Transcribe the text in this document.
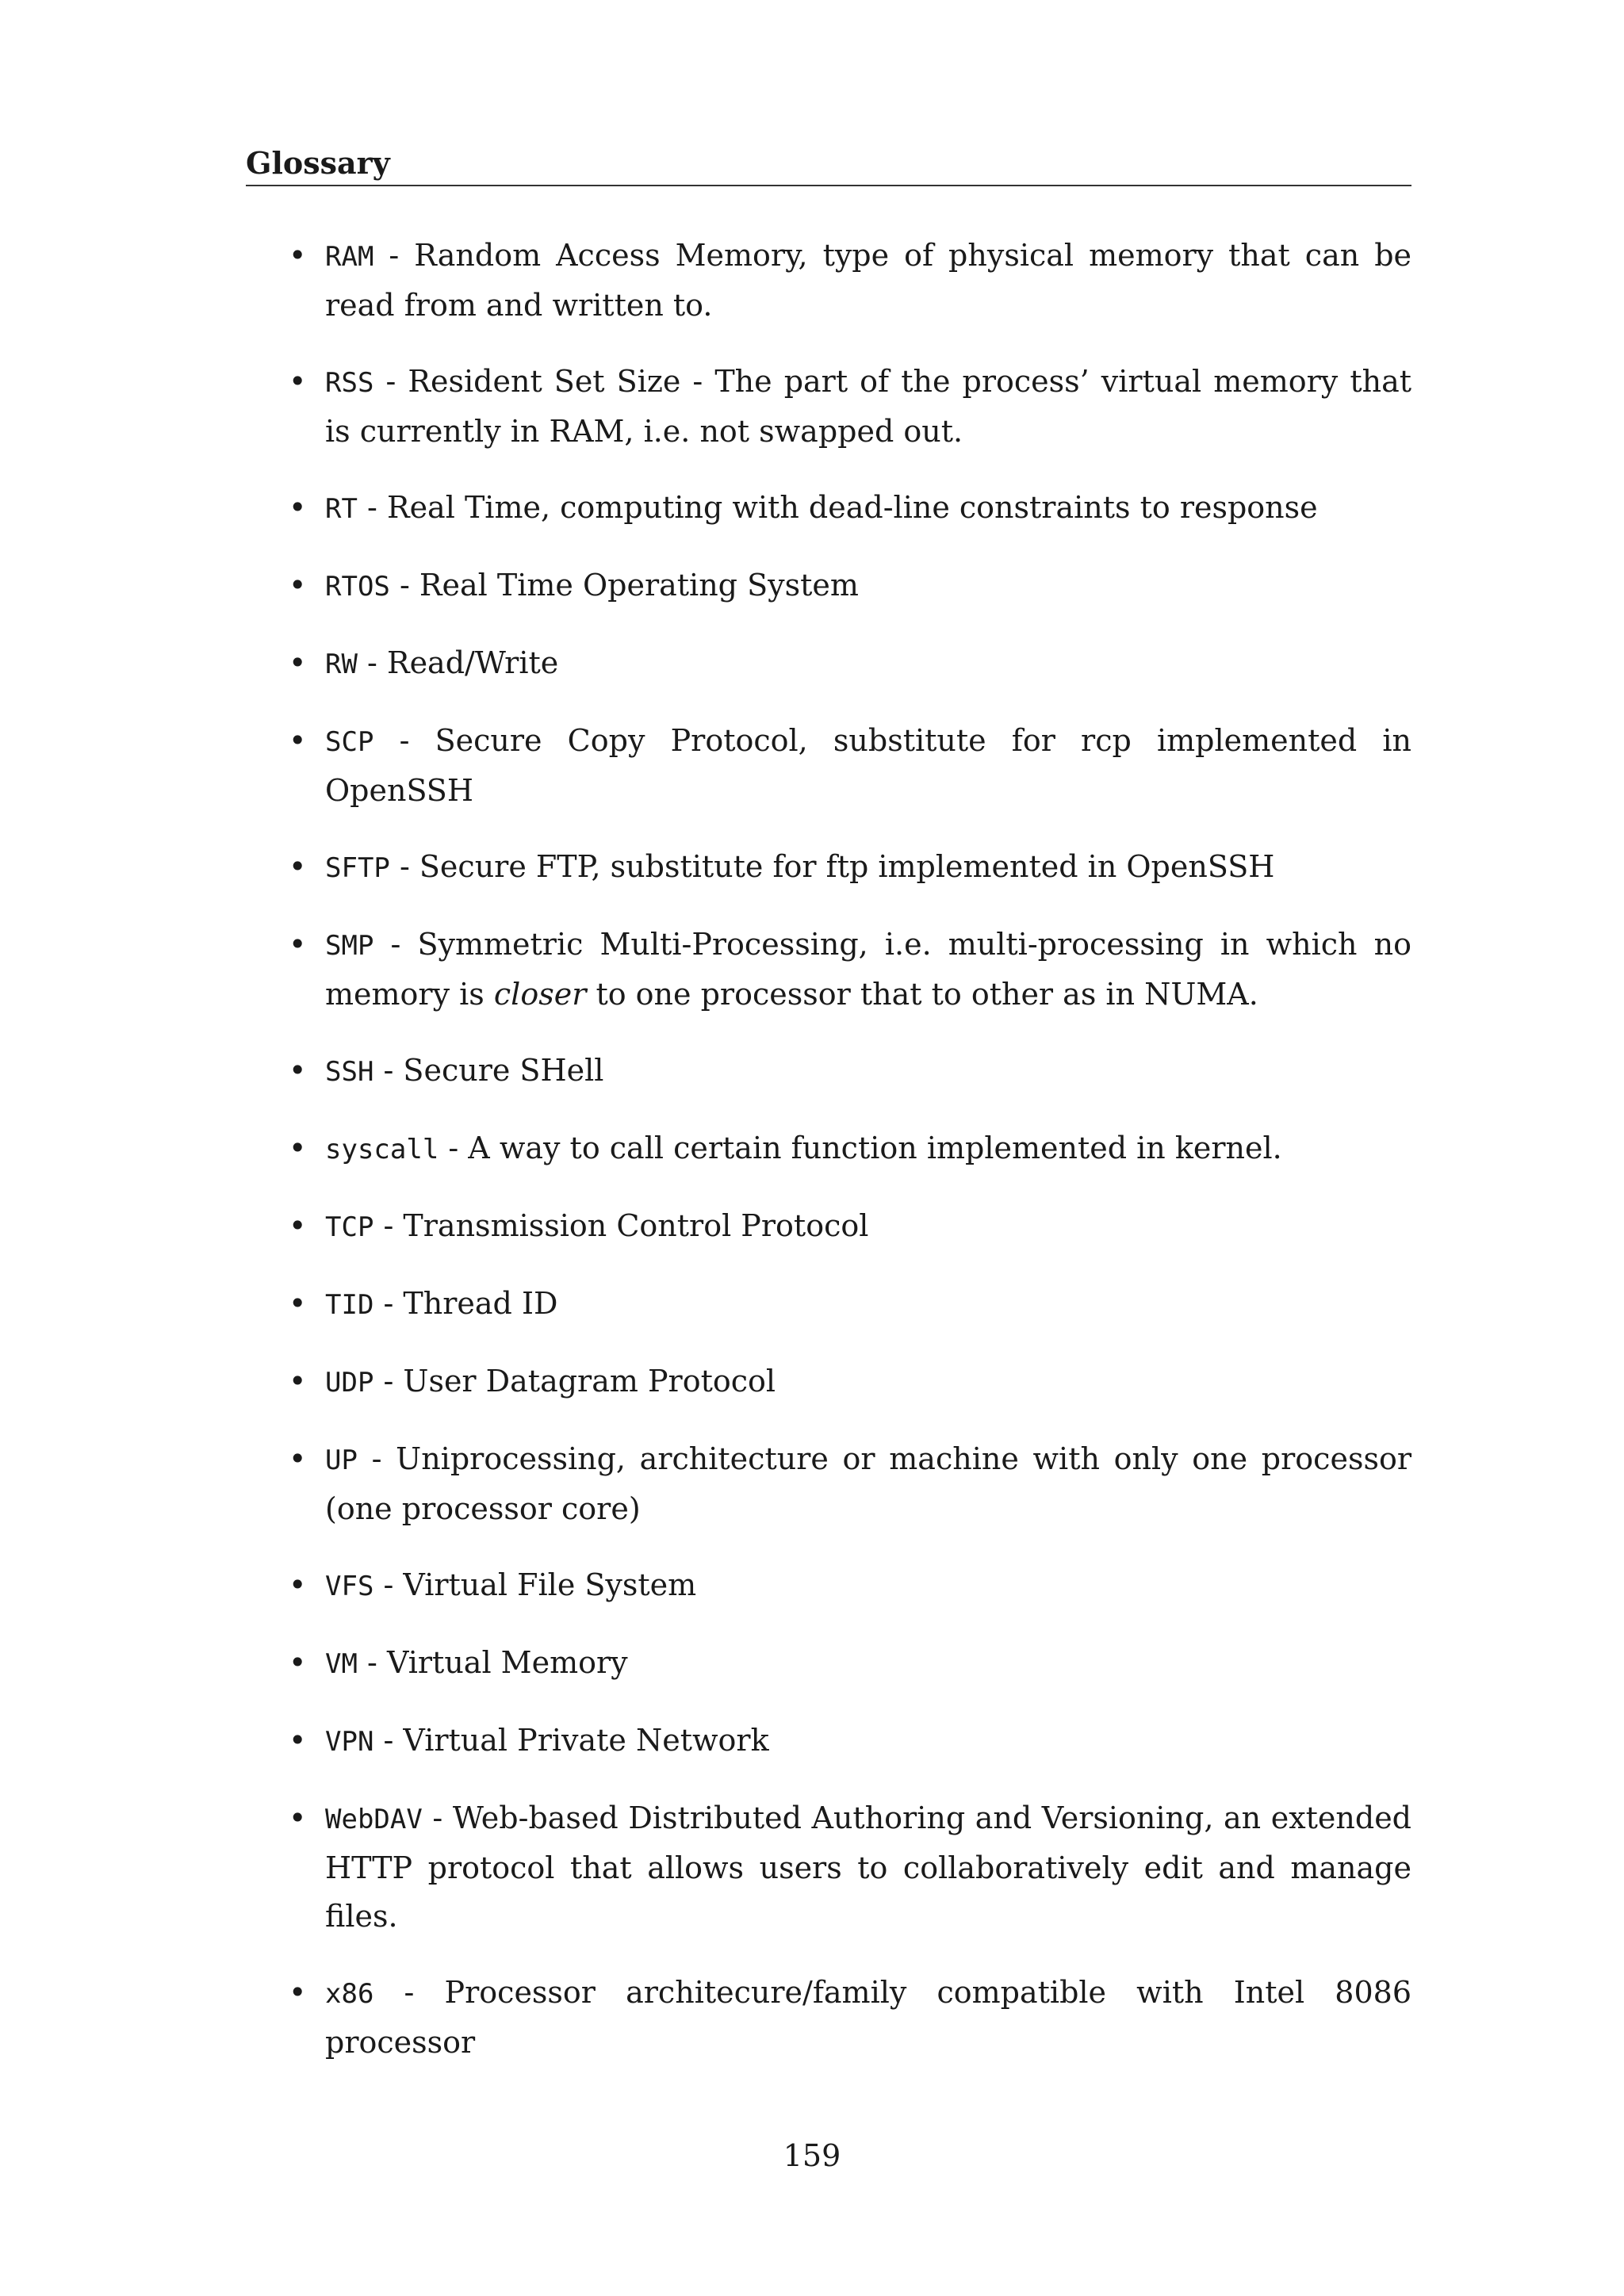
Glossary
• RAM - Random Access Memory, type of physical memory that can be read from and written to.
• RSS - Resident Set Size - The part of the process’ virtual memory that is currently in RAM, i.e. not swapped out.
• RT - Real Time, computing with dead-line constraints to response
• RTOS - Real Time Operating System
• RW - Read/Write
• SCP - Secure Copy Protocol, substitute for rcp implemented in OpenSSH
• SFTP - Secure FTP, substitute for ftp implemented in OpenSSH
• SMP - Symmetric Multi-Processing, i.e. multi-processing in which no memory is closer to one processor that to other as in NUMA.
• SSH - Secure SHell
• syscall - A way to call certain function implemented in kernel.
• TCP - Transmission Control Protocol
• TID - Thread ID
• UDP - User Datagram Protocol
• UP - Uniprocessing, architecture or machine with only one processor (one processor core)
• VFS - Virtual File System
• VM - Virtual Memory
• VPN - Virtual Private Network
• WebDAV - Web-based Distributed Authoring and Versioning, an extended HTTP protocol that allows users to collaboratively edit and manage files.
• x86 - Processor architecure/family compatible with Intel 8086 processor
159
